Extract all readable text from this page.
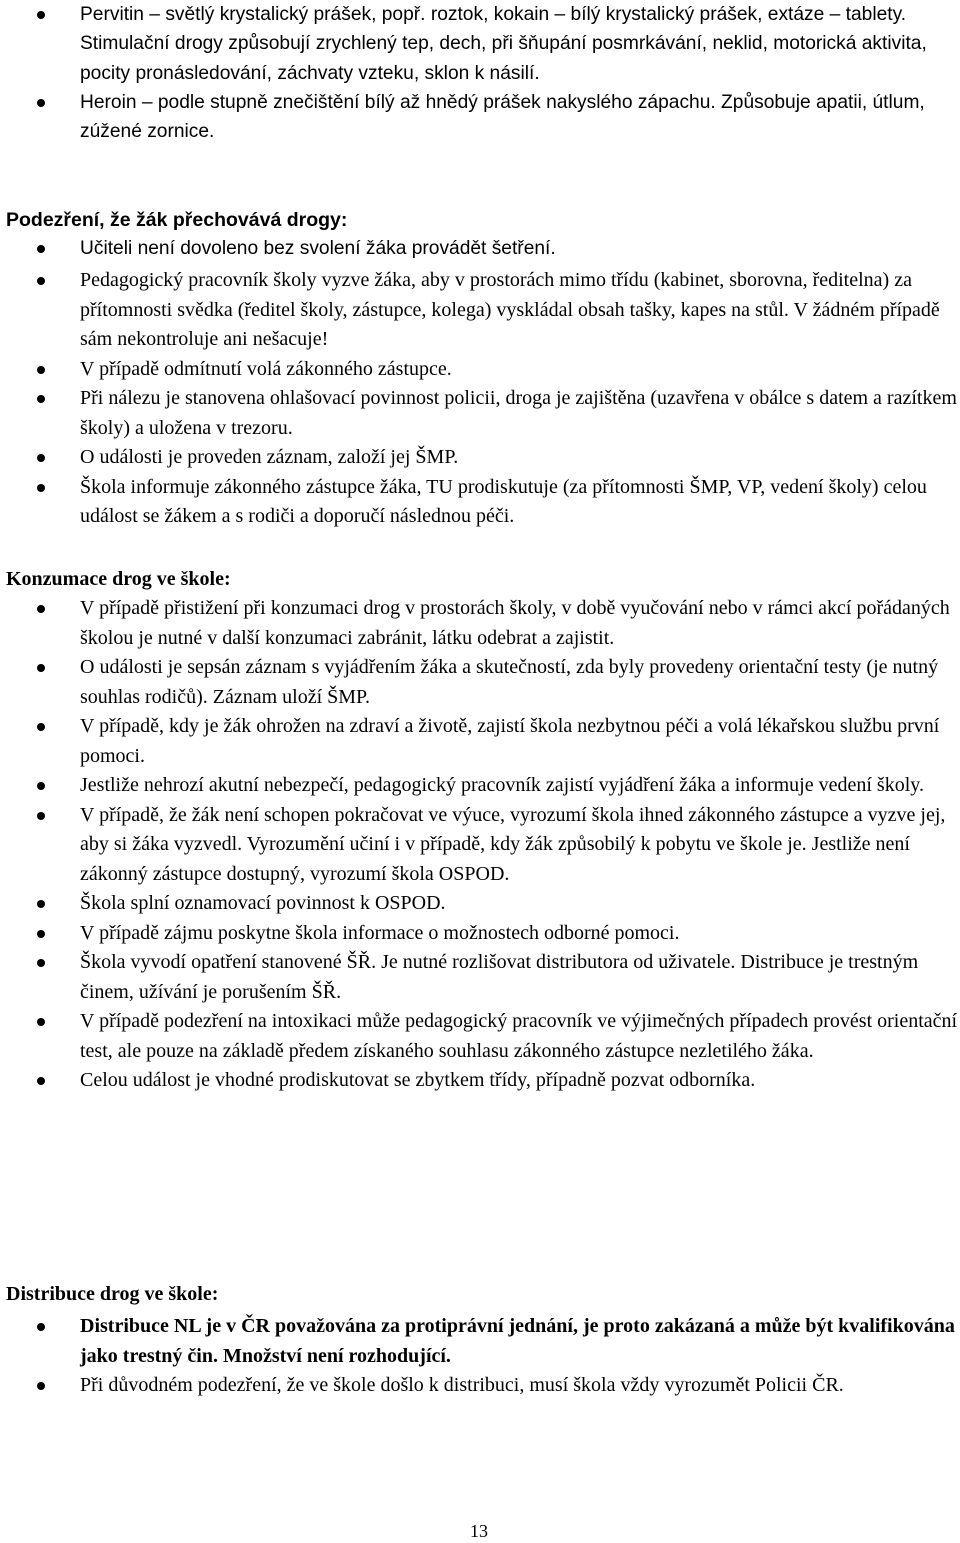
Pervitin – světlý krystalický prášek, popř. roztok, kokain – bílý krystalický prášek, extáze – tablety. Stimulační drogy způsobují zrychlený tep, dech, při šňupání posmrkávání, neklid, motorická aktivita, pocity pronásledování, záchvaty vzteku, sklon k násilí.
Heroin – podle stupně znečištění bílý až hnědý prášek nakyslého zápachu. Způsobuje apatii, útlum, zúžené zornice.
Podezření, že žák přechovává drogy:
Učiteli není dovoleno bez svolení žáka provádět šetření.
Pedagogický pracovník školy vyzve žáka, aby v prostorách mimo třídu (kabinet, sborovna, ředitelna) za přítomnosti svědka (ředitel školy, zástupce, kolega) vyskládal obsah tašky, kapes na stůl. V žádném případě sám nekontroluje ani nešacuje!
V případě odmítnutí volá zákonného zástupce.
Při nálezu je stanovena ohlašovací povinnost policii, droga je zajištěna (uzavřena v obálce s datem a razítkem školy) a uložena v trezoru.
O události je proveden záznam, založí jej ŠMP.
Škola informuje zákonného zástupce žáka, TU prodiskutuje (za přítomnosti ŠMP, VP, vedení školy) celou událost se žákem a s rodiči a doporučí následnou péči.
Konzumace drog ve škole:
V případě přistižení při konzumaci drog v prostorách školy, v době vyučování nebo v rámci akcí pořádaných školou je nutné v další konzumaci zabránit, látku odebrat a zajistit.
O události je sepsán záznam s vyjádřením žáka a skutečností, zda byly provedeny orientační testy (je nutný souhlas rodičů). Záznam uloží ŠMP.
V případě, kdy je žák ohrožen na zdraví a životě, zajistí škola nezbytnou péči a volá lékařskou službu první pomoci.
Jestliže nehrozí akutní nebezpečí, pedagogický pracovník zajistí vyjádření žáka a informuje vedení školy.
V případě, že žák není schopen pokračovat ve výuce, vyrozumí škola ihned zákonného zástupce a vyzve jej, aby si žáka vyzvedl. Vyrozumění učiní i v případě, kdy žák způsobilý k pobytu ve škole je. Jestliže není zákonný zástupce dostupný, vyrozumí škola OSPOD.
Škola splní oznamovací povinnost k OSPOD.
V případě zájmu poskytne škola informace o možnostech odborné pomoci.
Škola vyvodí opatření stanovené ŠŘ. Je nutné rozlišovat distributora od uživatele. Distribuce je trestným činem, užívání je porušením ŠŘ.
V případě podezření na intoxikaci může pedagogický pracovník ve výjimečných případech provést orientační test, ale pouze na základě předem získaného souhlasu zákonného zástupce nezletilého žáka.
Celou událost je vhodné prodiskutovat se zbytkem třídy, případně pozvat odborníka.
Distribuce drog ve škole:
Distribuce NL je v ČR považována za protiprávní jednání, je proto zakázaná a může být kvalifikována jako trestný čin. Množství není rozhodující.
Při důvodném podezření, že ve škole došlo k distribuci, musí škola vždy vyrozumět Policii ČR.
13
